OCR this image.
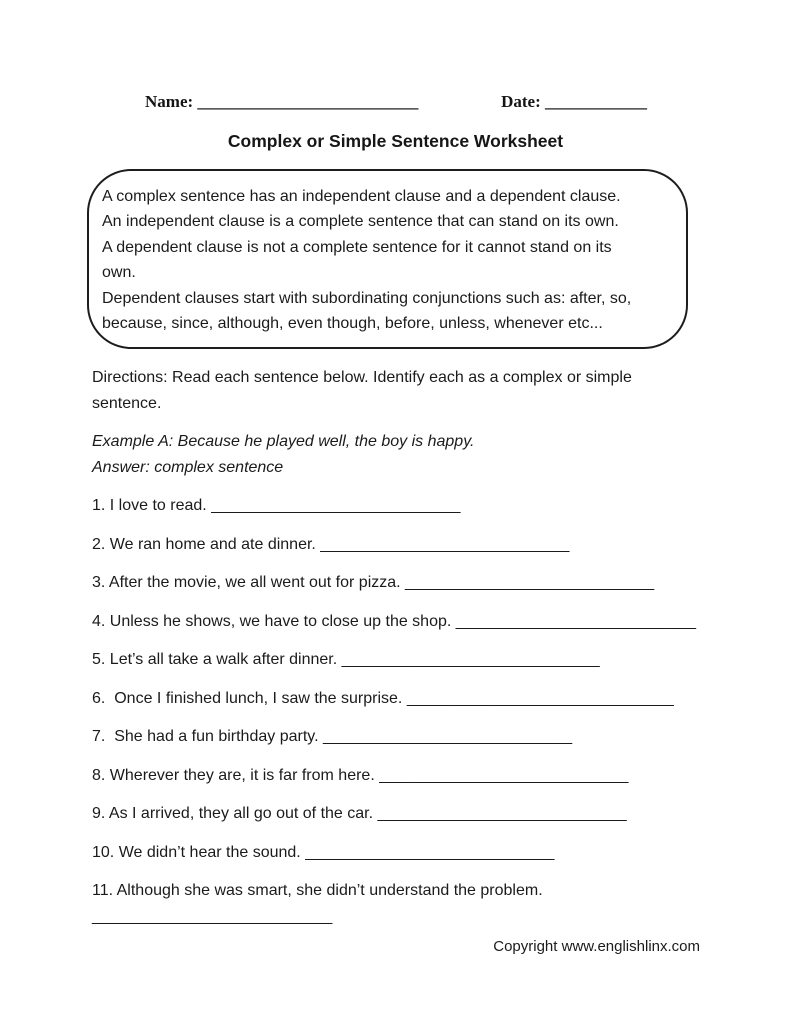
Name: __________________________	Date: ____________
Complex or Simple Sentence Worksheet
A complex sentence has an independent clause and a dependent clause.
An independent clause is a complete sentence that can stand on its own.
A dependent clause is not a complete sentence for it cannot stand on its
own.
Dependent clauses start with subordinating conjunctions such as: after, so,
because, since, although, even though, before, unless, whenever etc...
Directions: Read each sentence below. Identify each as a complex or simple sentence.
Example A: Because he played well, the boy is happy.
Answer: complex sentence
1. I love to read. ____________________________
2. We ran home and ate dinner. ____________________________
3. After the movie, we all went out for pizza. ____________________________
4. Unless he shows, we have to close up the shop. ___________________________
5. Let’s all take a walk after dinner. _____________________________
6.  Once I finished lunch, I saw the surprise. ______________________________
7.  She had a fun birthday party. ____________________________
8. Wherever they are, it is far from here. ____________________________
9. As I arrived, they all go out of the car. ____________________________
10. We didn’t hear the sound. ____________________________
11. Although she was smart, she didn’t understand the problem.
___________________________
Copyright www.englishlinx.com
